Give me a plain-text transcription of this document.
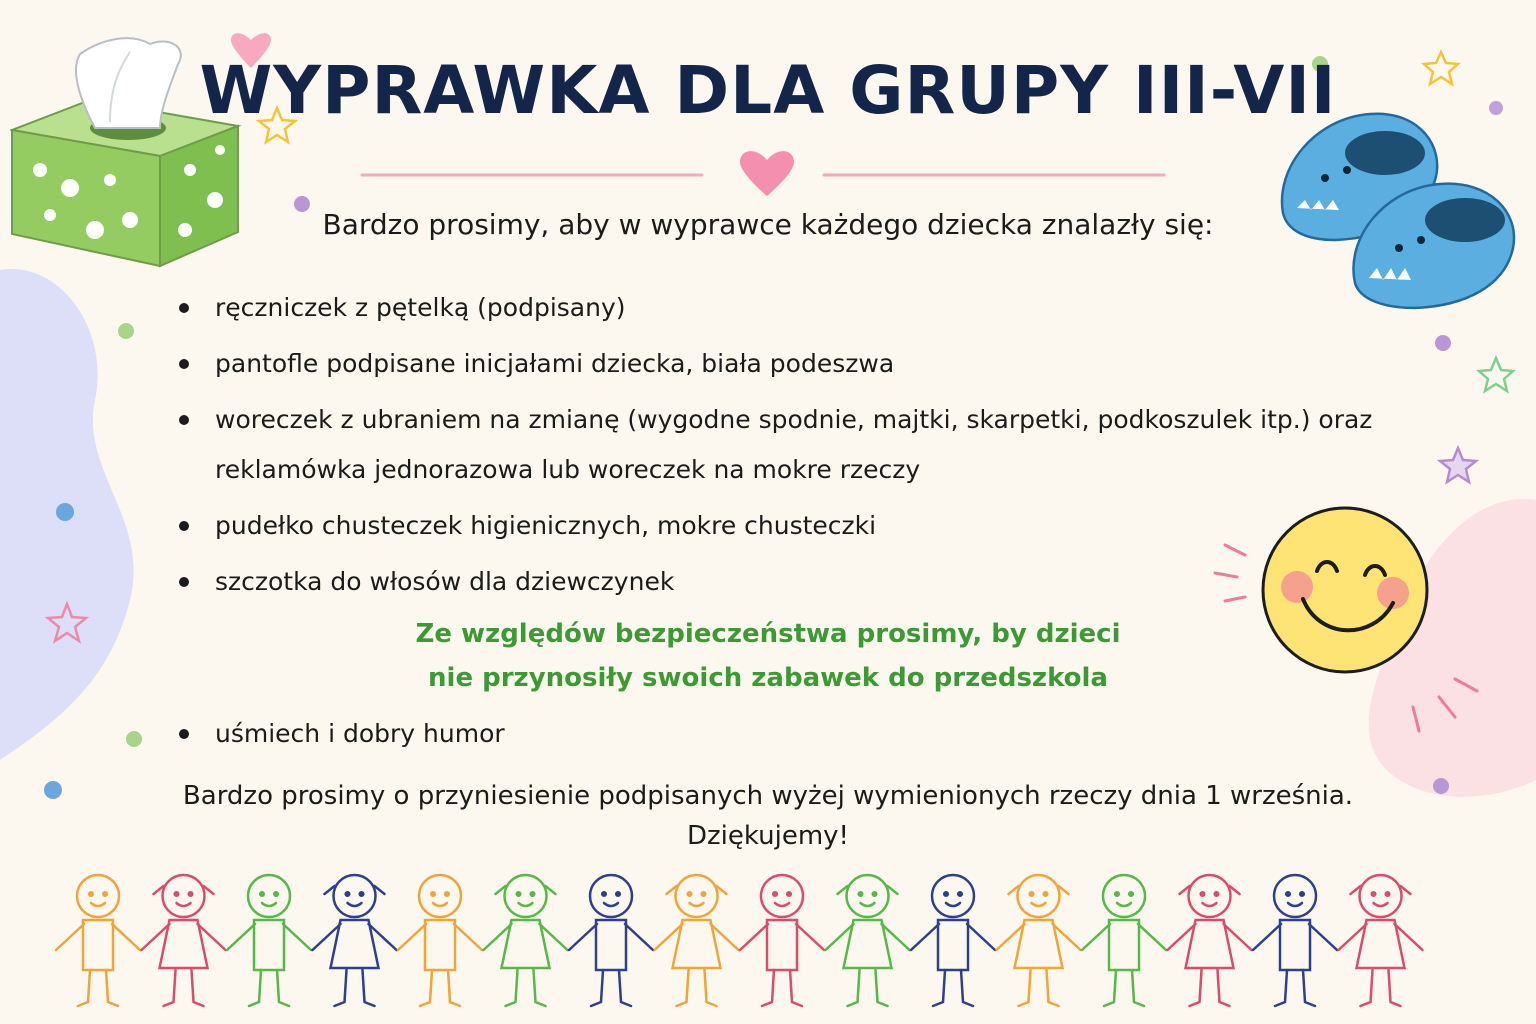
WYPRAWKA DLA GRUPY III-VII

Bardzo prosimy, aby w wyprawce każdego dziecka znalazły się:

ręczniczek z pętelką (podpisany)
pantofle podpisane inicjałami dziecka, biała podeszwa
woreczek z ubraniem na zmianę (wygodne spodnie, majtki, skarpetki, podkoszulek itp.) oraz reklamówka jednorazowa lub woreczek na mokre rzeczy
pudełko chusteczek higienicznych, mokre chusteczki
szczotka do włosów dla dziewczynek
Ze względów bezpieczeństwa prosimy, by dzieci
nie przynosiły swoich zabawek do przedszkola
uśmiech i dobry humor
Bardzo prosimy o przyniesienie podpisanych wyżej wymienionych rzeczy dnia 1 września.
Dziękujemy!
